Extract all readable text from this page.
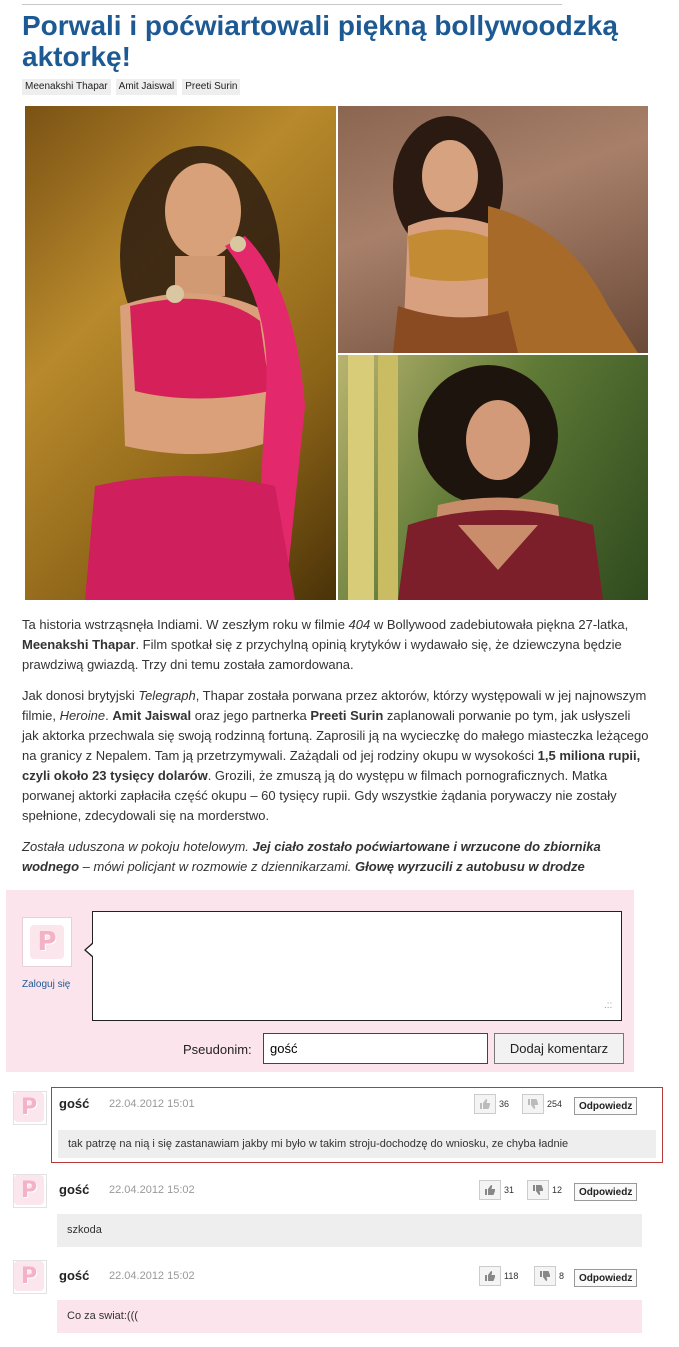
Porwali i poćwiartowali piękną bollywoodzką aktorkę!
Meenakshi Thapar	Amit Jaiswal	Preeti Surin

Ta historia wstrząsnęła Indiami. W zeszłym roku w filmie 404 w Bollywood zadebiutowała piękna 27-latka, Meenakshi Thapar. Film spotkał się z przychylną opinią krytyków i wydawało się, że dziewczyna będzie prawdziwą gwiazdą. Trzy dni temu została zamordowana.

Jak donosi brytyjski Telegraph, Thapar została porwana przez aktorów, którzy występowali w jej najnowszym filmie, Heroine. Amit Jaiswal oraz jego partnerka Preeti Surin zaplanowali porwanie po tym, jak usłyszeli jak aktorka przechwala się swoją rodzinną fortuną. Zaprosili ją na wycieczkę do małego miasteczka leżącego na granicy z Nepalem. Tam ją przetrzymywali. Zażądali od jej rodziny okupu w wysokości 1,5 miliona rupii, czyli około 23 tysięcy dolarów. Grozili, że zmuszą ją do występu w filmach pornograficznych. Matka porwanej aktorki zapłaciła część okupu – 60 tysięcy rupii. Gdy wszystkie żądania porywaczy nie zostały spełnione, zdecydowali się na morderstwo.

Została uduszona w pokoju hotelowym. Jej ciało zostało poćwiartowane i wrzucone do zbiornika wodnego – mówi policjant w rozmowie z dziennikarzami. Głowę wyrzucili z autobusu w drodze

P
Zaloguj się
.::
Pseudonim:
gość	Dodaj komentarz
P	gość 22.04.2012 15:01	36	254	Odpowiedz
tak patrzę na nią i się zastanawiam jakby mi było w takim stroju-dochodzę do wniosku, ze chyba ładnie
P	gość 22.04.2012 15:02	31	12	Odpowiedz
szkoda
P	gość 22.04.2012 15:02	118	8	Odpowiedz
Co za swiat:(((
